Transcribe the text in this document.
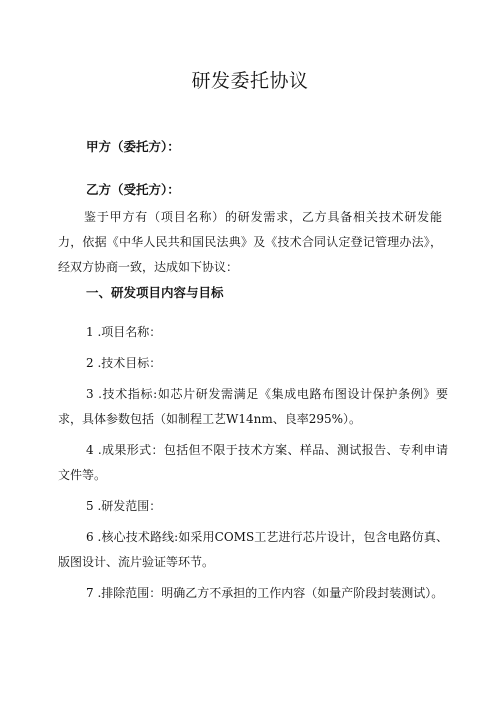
研发委托协议

甲方（委托方）：

乙方（受托方）：

鉴于甲方有（项目名称）的研发需求，乙方具备相关技术研发能力，依据《中华人民共和国民法典》及《技术合同认定登记管理办法》，经双方协商一致，达成如下协议：

一、研发项目内容与目标
1 .项目名称：
2 .技术目标：
3 .技术指标:如芯片研发需满足《集成电路布图设计保护条例》要求，具体参数包括（如制程工艺W14nm、良率295%）。
4 .成果形式：包括但不限于技术方案、样品、测试报告、专利申请文件等。
5 .研发范围：
6 .核心技术路线:如采用COMS工艺进行芯片设计，包含电路仿真、版图设计、流片验证等环节。
7 .排除范围：明确乙方不承担的工作内容（如量产阶段封装测试）。
